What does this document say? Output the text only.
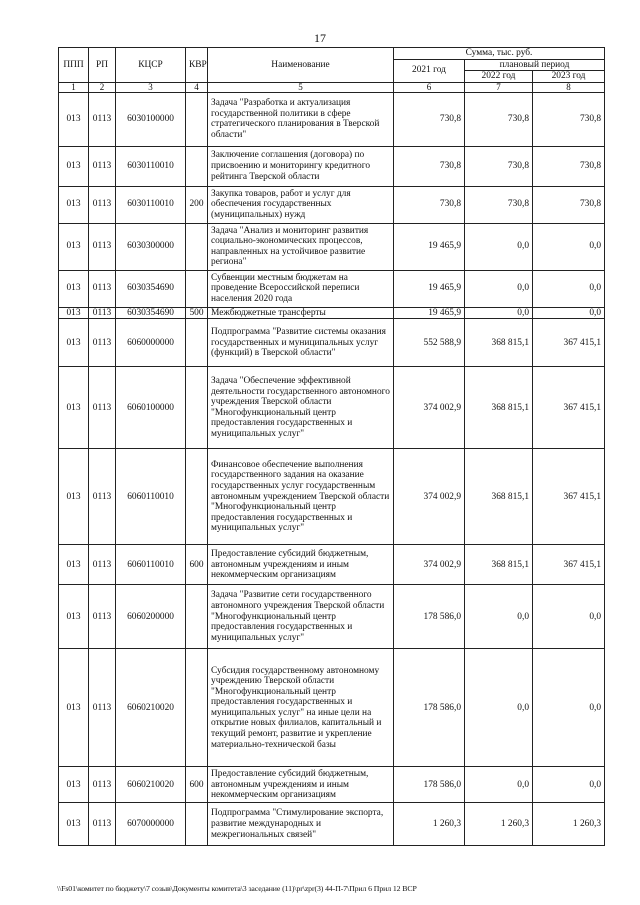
17
ППП	РП	КЦСР	КВР	Наименование	Сумма, тыс. руб.		
					2021 год	плановый период	
						2022 год	2023 год
1	2	3	4	5	6	7	8
013	0113	6030100000		Задача "Разработка и актуализация государственной политики в сфере стратегического планирования в Тверской области"	730,8	730,8	730,8
013	0113	6030110010		Заключение соглашения (договора) по присвоению и мониторингу кредитного рейтинга Тверской области	730,8	730,8	730,8
013	0113	6030110010	200	Закупка товаров, работ и услуг для обеспечения государственных (муниципальных) нужд	730,8	730,8	730,8
013	0113	6030300000		Задача "Анализ и мониторинг развития социально-экономических процессов, направленных на устойчивое развитие региона"	19 465,9	0,0	0,0
013	0113	6030354690		Субвенции местным бюджетам на проведение Всероссийской переписи населения 2020 года	19 465,9	0,0	0,0
013	0113	6030354690	500	Межбюджетные трансферты	19 465,9	0,0	0,0
013	0113	6060000000		Подпрограмма "Развитие системы оказания государственных и муниципальных услуг (функций) в Тверской области"	552 588,9	368 815,1	367 415,1
013	0113	6060100000		Задача "Обеспечение эффективной деятельности государственного автономного учреждения Тверской области "Многофункциональный центр предоставления государственных и муниципальных услуг"	374 002,9	368 815,1	367 415,1
013	0113	6060110010		Финансовое обеспечение выполнения государственного задания на оказание государственных услуг государственным автономным учреждением Тверской области "Многофункциональный центр предоставления государственных и муниципальных услуг"	374 002,9	368 815,1	367 415,1
013	0113	6060110010	600	Предоставление субсидий бюджетным, автономным учреждениям и иным некоммерческим организациям	374 002,9	368 815,1	367 415,1
013	0113	6060200000		Задача "Развитие сети государственного автономного учреждения Тверской области "Многофункциональный центр предоставления государственных и муниципальных услуг"	178 586,0	0,0	0,0
013	0113	6060210020		Субсидия государственному автономному учреждению Тверской области "Многофункциональный центр предоставления государственных и муниципальных услуг" на иные цели на открытие новых филиалов, капитальный и текущий ремонт, развитие и укрепление материально-технической базы	178 586,0	0,0	0,0
013	0113	6060210020	600	Предоставление субсидий бюджетным, автономным учреждениям и иным некоммерческим организациям	178 586,0	0,0	0,0
013	0113	6070000000		Подпрограмма "Стимулирование экспорта, развитие международных и межрегиональных связей"	1 260,3	1 260,3	1 260,3
\\Fs01\комитет по бюджету\7 созыв\Документы комитета\3 заседание (11)\pr\zpr(3) 44-П-7\Прил 6 Прил 12 ВСР
